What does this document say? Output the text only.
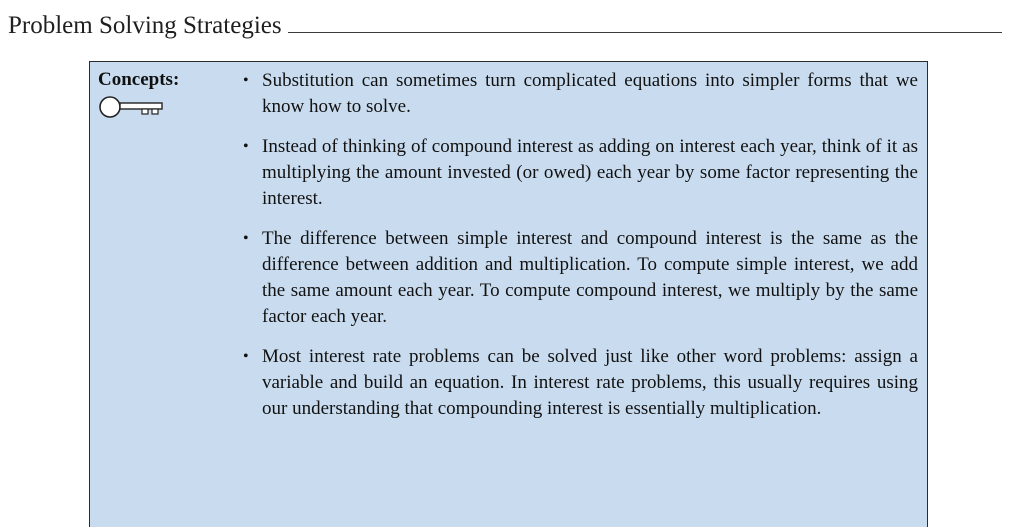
Problem Solving Strategies
Concepts:	• Substitution can sometimes turn complicated equations into simpler forms that we know how to solve.
• Instead of thinking of compound interest as adding on interest each year, think of it as multiplying the amount invested (or owed) each year by some factor representing the interest.
• The difference between simple interest and compound interest is the same as the difference between addition and multiplication. To compute simple interest, we add the same amount each year. To compute compound interest, we multiply by the same factor each year.
• Most interest rate problems can be solved just like other word problems: assign a variable and build an equation. In interest rate problems, this usually requires using our understanding that compounding interest is essentially multiplication.
